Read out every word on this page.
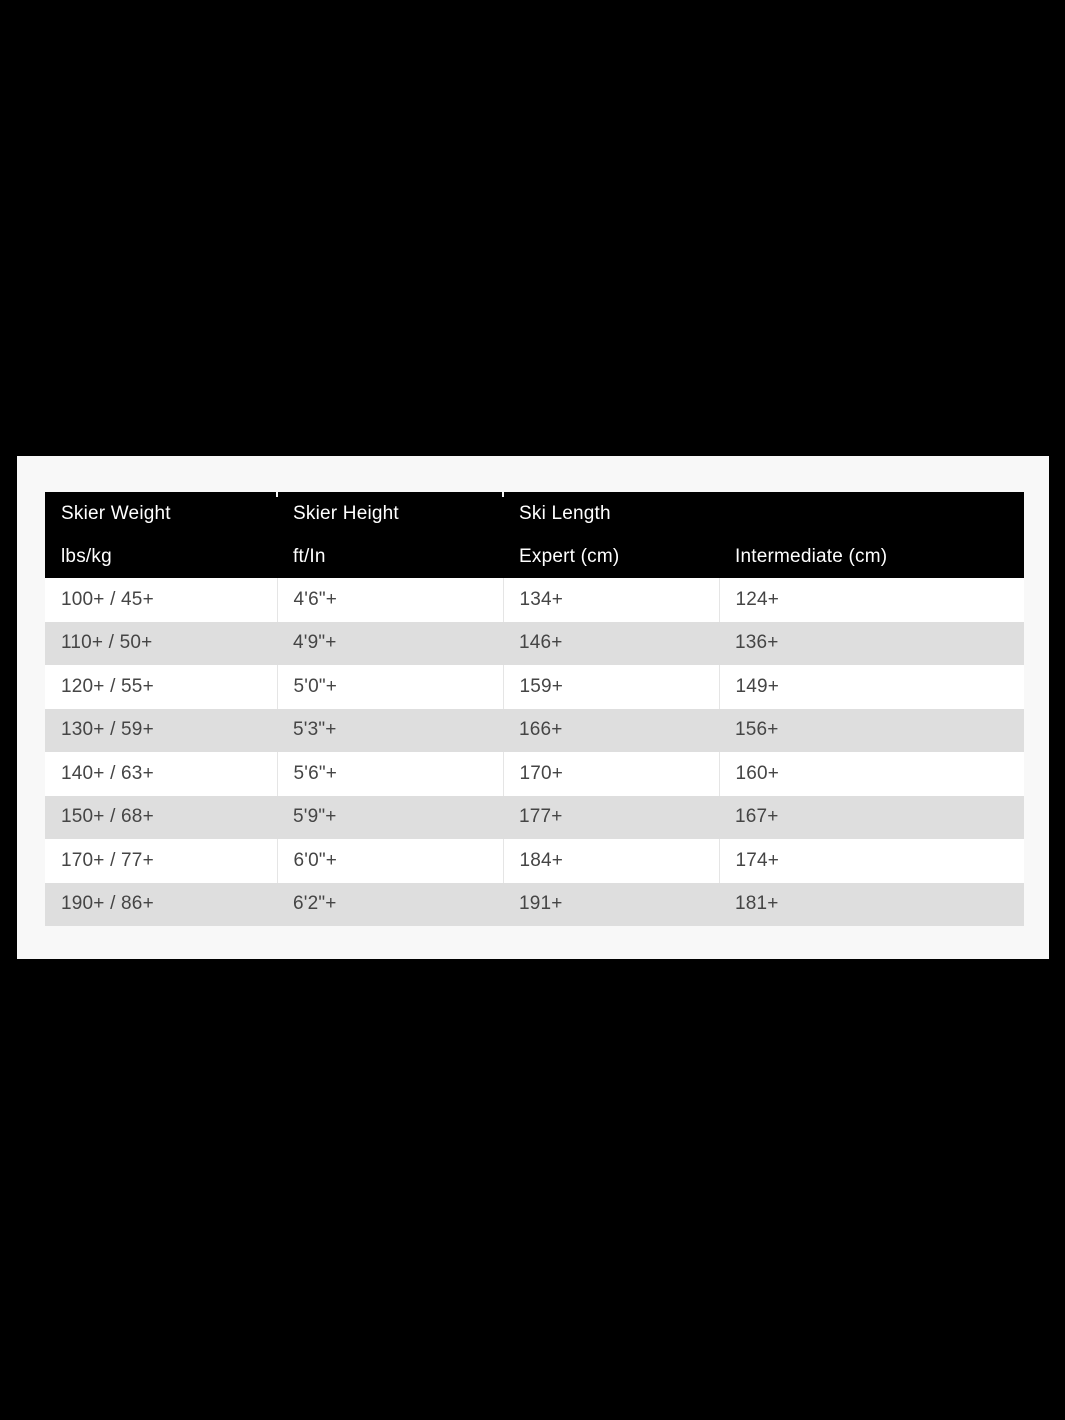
Skier Weight	Skier Height	Ski Length	
lbs/kg	ft/In	Expert (cm)	Intermediate (cm)
100+ / 45+	4'6"+	134+	124+
110+ / 50+	4'9"+	146+	136+
120+ / 55+	5'0"+	159+	149+
130+ / 59+	5'3"+	166+	156+
140+ / 63+	5'6"+	170+	160+
150+ / 68+	5'9"+	177+	167+
170+ / 77+	6'0"+	184+	174+
190+ / 86+	6'2"+	191+	181+
